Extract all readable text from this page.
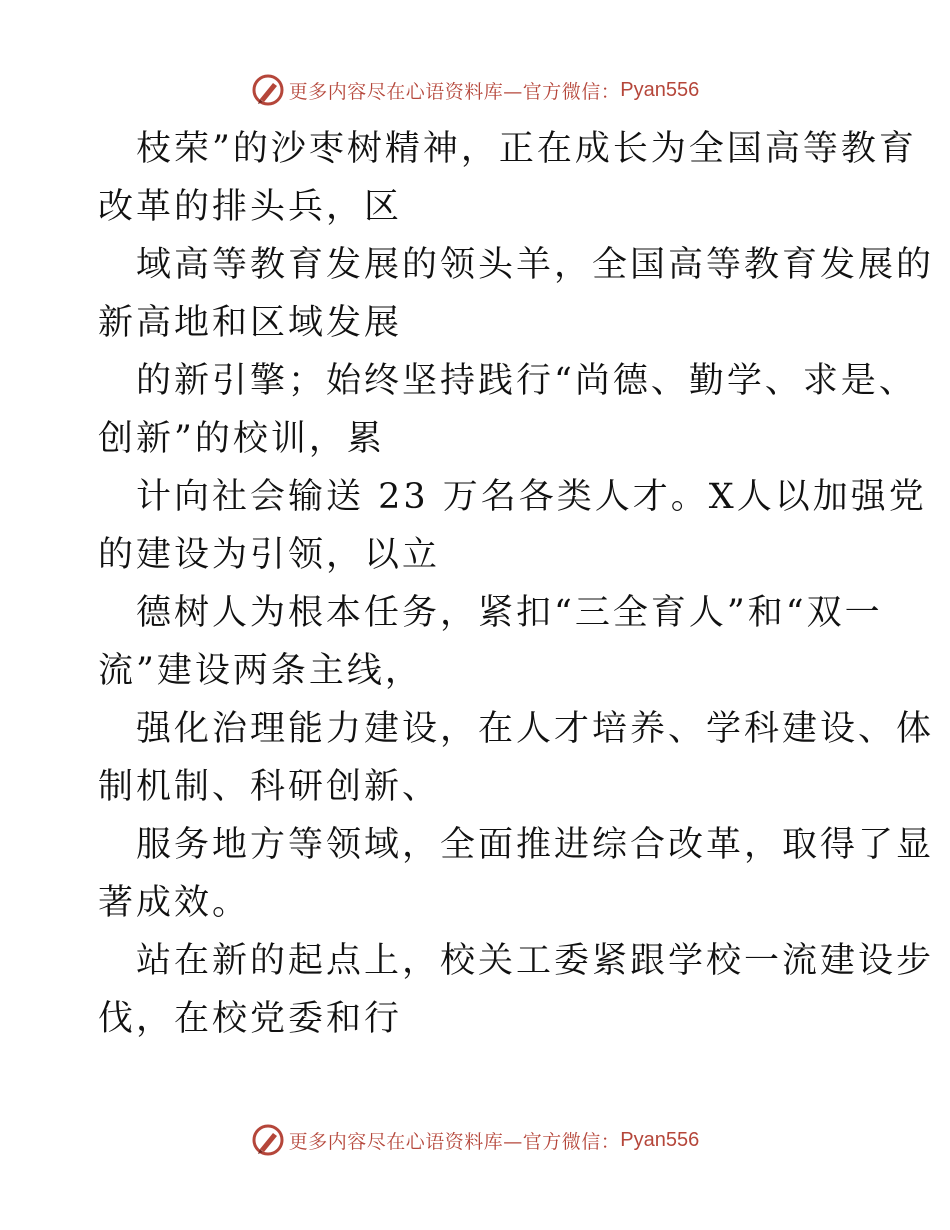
更多内容尽在心语资料库—官方微信： Pyan556

枝荣”的沙枣树精神，正在成长为全国高等教育
改革的排头兵，区

域高等教育发展的领头羊，全国高等教育发展的
新高地和区域发展

的新引擎；始终坚持践行“尚德、勤学、求是、
创新”的校训，累

计向社会输送 23 万名各类人才。X人以加强党
的建设为引领，以立

德树人为根本任务，紧扣“三全育人”和“双一
流”建设两条主线，

强化治理能力建设，在人才培养、学科建设、体
制机制、科研创新、

服务地方等领域，全面推进综合改革，取得了显
著成效。

站在新的起点上，校关工委紧跟学校一流建设步
伐，在校党委和行

更多内容尽在心语资料库—官方微信： Pyan556
